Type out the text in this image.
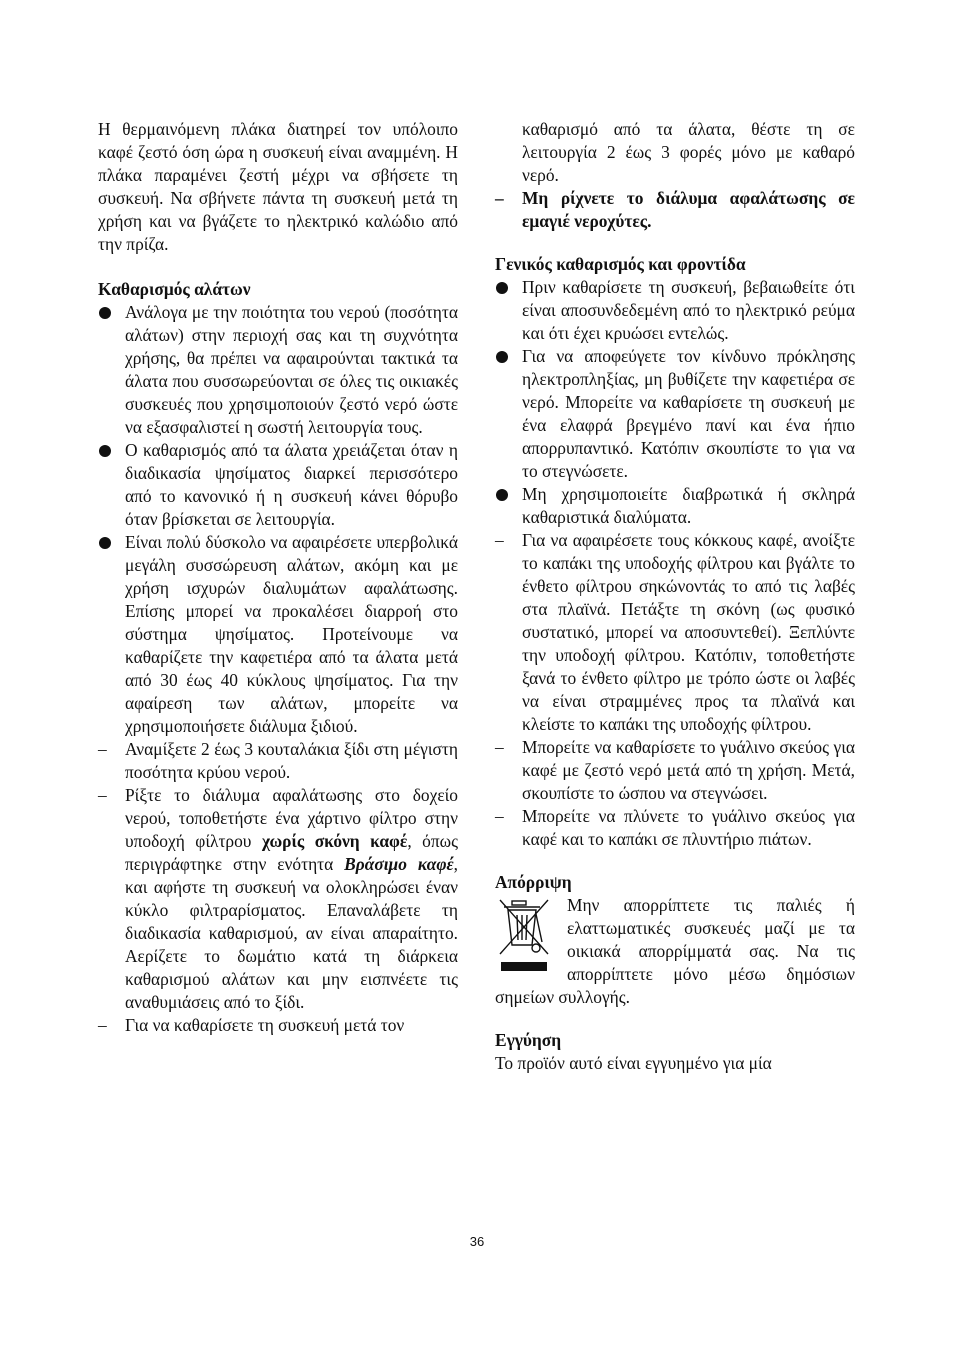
Η θερμαινόμενη πλάκα διατηρεί τον υπόλοιπο καφέ ζεστό όση ώρα η συσκευή είναι αναμμένη. Η πλάκα παραμένει ζεστή μέχρι να σβήσετε τη συσκευή. Να σβήνετε πάντα τη συσκευή μετά τη χρήση και να βγάζετε το ηλεκτρικό καλώδιο από την πρίζα.

Καθαρισμός αλάτων
Ανάλογα με την ποιότητα του νερού (ποσότητα αλάτων) στην περιοχή σας και τη συχνότητα χρήσης, θα πρέπει να αφαιρούνται τακτικά τα άλατα που συσσωρεύονται σε όλες τις οικιακές συσκευές που χρησιμοποιούν ζεστό νερό ώστε να εξασφαλιστεί η σωστή λειτουργία τους.
Ο καθαρισμός από τα άλατα χρειάζεται όταν η διαδικασία ψησίματος διαρκεί περισσότερο από το κανονικό ή η συσκευή κάνει θόρυβο όταν βρίσκεται σε λειτουργία.
Είναι πολύ δύσκολο να αφαιρέσετε υπερβολικά μεγάλη συσσώρευση αλάτων, ακόμη και με χρήση ισχυρών διαλυμάτων αφαλάτωσης. Επίσης μπορεί να προκαλέσει διαρροή στο σύστημα ψησίματος. Προτείνουμε να καθαρίζετε την καφετιέρα από τα άλατα μετά από 30 έως 40 κύκλους ψησίματος. Για την αφαίρεση των αλάτων, μπορείτε να χρησιμοποιήσετε διάλυμα ξιδιού.
– Αναμίξετε 2 έως 3 κουταλάκια ξίδι στη μέγιστη ποσότητα κρύου νερού.
– Ρίξτε το διάλυμα αφαλάτωσης στο δοχείο νερού, τοποθετήστε ένα χάρτινο φίλτρο στην υποδοχή φίλτρου χωρίς σκόνη καφέ, όπως περιγράφτηκε στην ενότητα Βράσιμο καφέ, και αφήστε τη συσκευή να ολοκληρώσει έναν κύκλο φιλτραρίσματος. Επαναλάβετε τη διαδικασία καθαρισμού, αν είναι απαραίτητο. Αερίζετε το δωμάτιο κατά τη διάρκεια καθαρισμού αλάτων και μην εισπνέετε τις αναθυμιάσεις από το ξίδι.
– Για να καθαρίσετε τη συσκευή μετά τον

καθαρισμό από τα άλατα, θέστε τη σε λειτουργία 2 έως 3 φορές μόνο με καθαρό νερό.

– Μη ρίχνετε το διάλυμα αφαλάτωσης σε εμαγιέ νεροχύτες.
Γενικός καθαρισμός και φροντίδα
Πριν καθαρίσετε τη συσκευή, βεβαιωθείτε ότι είναι αποσυνδεδεμένη από το ηλεκτρικό ρεύμα και ότι έχει κρυώσει εντελώς.
Για να αποφεύγετε τον κίνδυνο πρόκλησης ηλεκτροπληξίας, μη βυθίζετε την καφετιέρα σε νερό. Μπορείτε να καθαρίσετε τη συσκευή με ένα ελαφρά βρεγμένο πανί και ένα ήπιο απορρυπαντικό. Κατόπιν σκουπίστε το για να το στεγνώσετε.
Μη χρησιμοποιείτε διαβρωτικά ή σκληρά καθαριστικά διαλύματα.
– Για να αφαιρέσετε τους κόκκους καφέ, ανοίξτε το καπάκι της υποδοχής φίλτρου και βγάλτε το ένθετο φίλτρου σηκώνοντάς το από τις λαβές στα πλαϊνά. Πετάξτε τη σκόνη (ως φυσικό συστατικό, μπορεί να αποσυντεθεί). Ξεπλύντε την υποδοχή φίλτρου. Κατόπιν, τοποθετήστε ξανά το ένθετο φίλτρο με τρόπο ώστε οι λαβές να είναι στραμμένες προς τα πλαϊνά και κλείστε το καπάκι της υποδοχής φίλτρου.
– Μπορείτε να καθαρίσετε το γυάλινο σκεύος για καφέ με ζεστό νερό μετά από τη χρήση. Μετά, σκουπίστε το ώσπου να στεγνώσει.
– Μπορείτε να πλύνετε το γυάλινο σκεύος για καφέ και το καπάκι σε πλυντήριο πιάτων.
Απόρριψη

Μην απορρίπτετε τις παλιές ή ελαττωματικές συσκευές μαζί με τα οικιακά απορρίμματά σας. Να τις απορρίπτετε μόνο μέσω δημόσιων σημείων συλλογής.

Εγγύηση

Το προϊόν αυτό είναι εγγυημένο για μία

36
